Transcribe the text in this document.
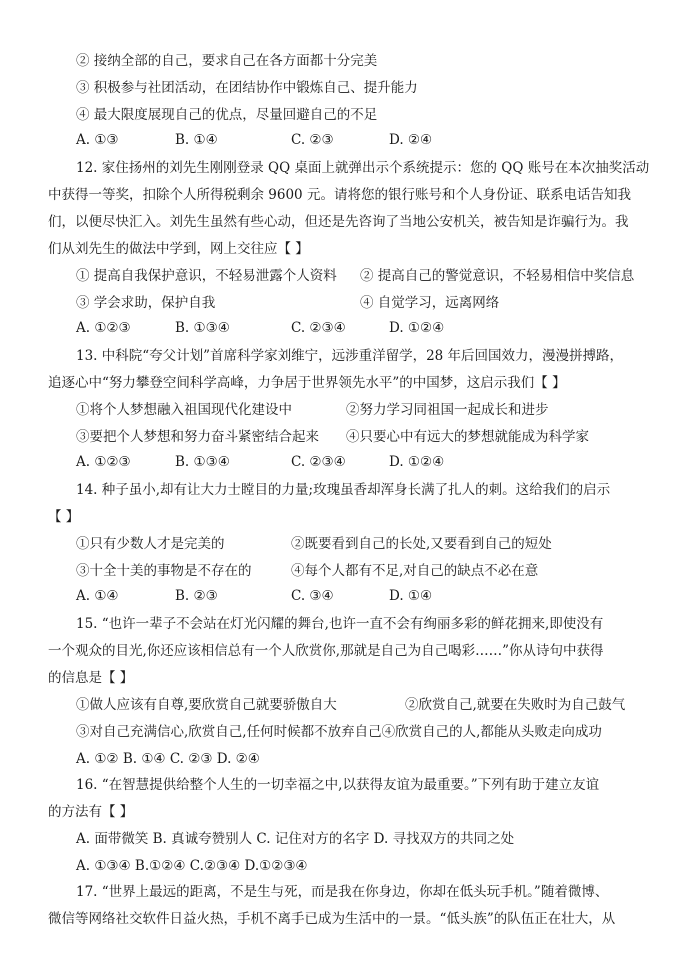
② 接纳全部的自己，要求自己在各方面都十分完美
③ 积极参与社团活动，在团结协作中锻炼自己、提升能力
④ 最大限度展现自己的优点，尽量回避自己的不足
A. ①③	B. ①④	C. ②③	D. ②④
12. 家住扬州的刘先生刚刚登录 QQ 桌面上就弹出示个系统提示：您的 QQ 账号在本次抽奖活动
中获得一等奖，扣除个人所得税剩余 9600 元。请将您的银行账号和个人身份证、联系电话告知我
们，以便尽快汇入。刘先生虽然有些心动，但还是先咨询了当地公安机关，被告知是诈骗行为。我
们从刘先生的做法中学到，网上交往应【 】
① 提高自我保护意识，不轻易泄露个人资料 ② 提高自己的警觉意识，不轻易相信中奖信息
③ 学会求助，保护自我	④ 自觉学习，远离网络
A. ①②③	B. ①③④	C. ②③④	D. ①②④
13. 中科院“夸父计划”首席科学家刘维宁，远涉重洋留学，28 年后回国效力，漫漫拼搏路，
追逐心中“努力攀登空间科学高峰，力争居于世界领先水平”的中国梦，这启示我们【 】
①将个人梦想融入祖国现代化建设中	②努力学习同祖国一起成长和进步
③要把个人梦想和努力奋斗紧密结合起来 ④只要心中有远大的梦想就能成为科学家
A. ①②③	B. ①③④	C. ②③④	D. ①②④
14. 种子虽小,却有让大力士瞠目的力量;玫瑰虽香却浑身长满了扎人的刺。这给我们的启示
【 】
①只有少数人才是完美的	②既要看到自己的长处,又要看到自己的短处
③十全十美的事物是不存在的	④每个人都有不足,对自己的缺点不必在意
A. ①④	B. ②③	C. ③④	D. ①④
15. “也许一辈子不会站在灯光闪耀的舞台,也许一直不会有绚丽多彩的鲜花拥来,即使没有
一个观众的目光,你还应该相信总有一个人欣赏你,那就是自己为自己喝彩……”你从诗句中获得
的信息是【 】
①做人应该有自尊,要欣赏自己就要骄傲自大	②欣赏自己,就要在失败时为自己鼓气
③对自己充满信心,欣赏自己,任何时候都不放弃自己④欣赏自己的人,都能从头败走向成功
A. ①② B. ①④ C. ②③ D. ②④
16. “在智慧提供给整个人生的一切幸福之中,以获得友谊为最重要。”下列有助于建立友谊
的方法有【 】
A. 面带微笑 B. 真诚夸赞别人 C. 记住对方的名字 D. 寻找双方的共同之处
A. ①③④ B.①②④ C.②③④ D.①②③④
17. “世界上最远的距离，不是生与死，而是我在你身边，你却在低头玩手机。”随着微博、
微信等网络社交软件日益火热，手机不离手已成为生活中的一景。“低头族”的队伍正在壮大，从
